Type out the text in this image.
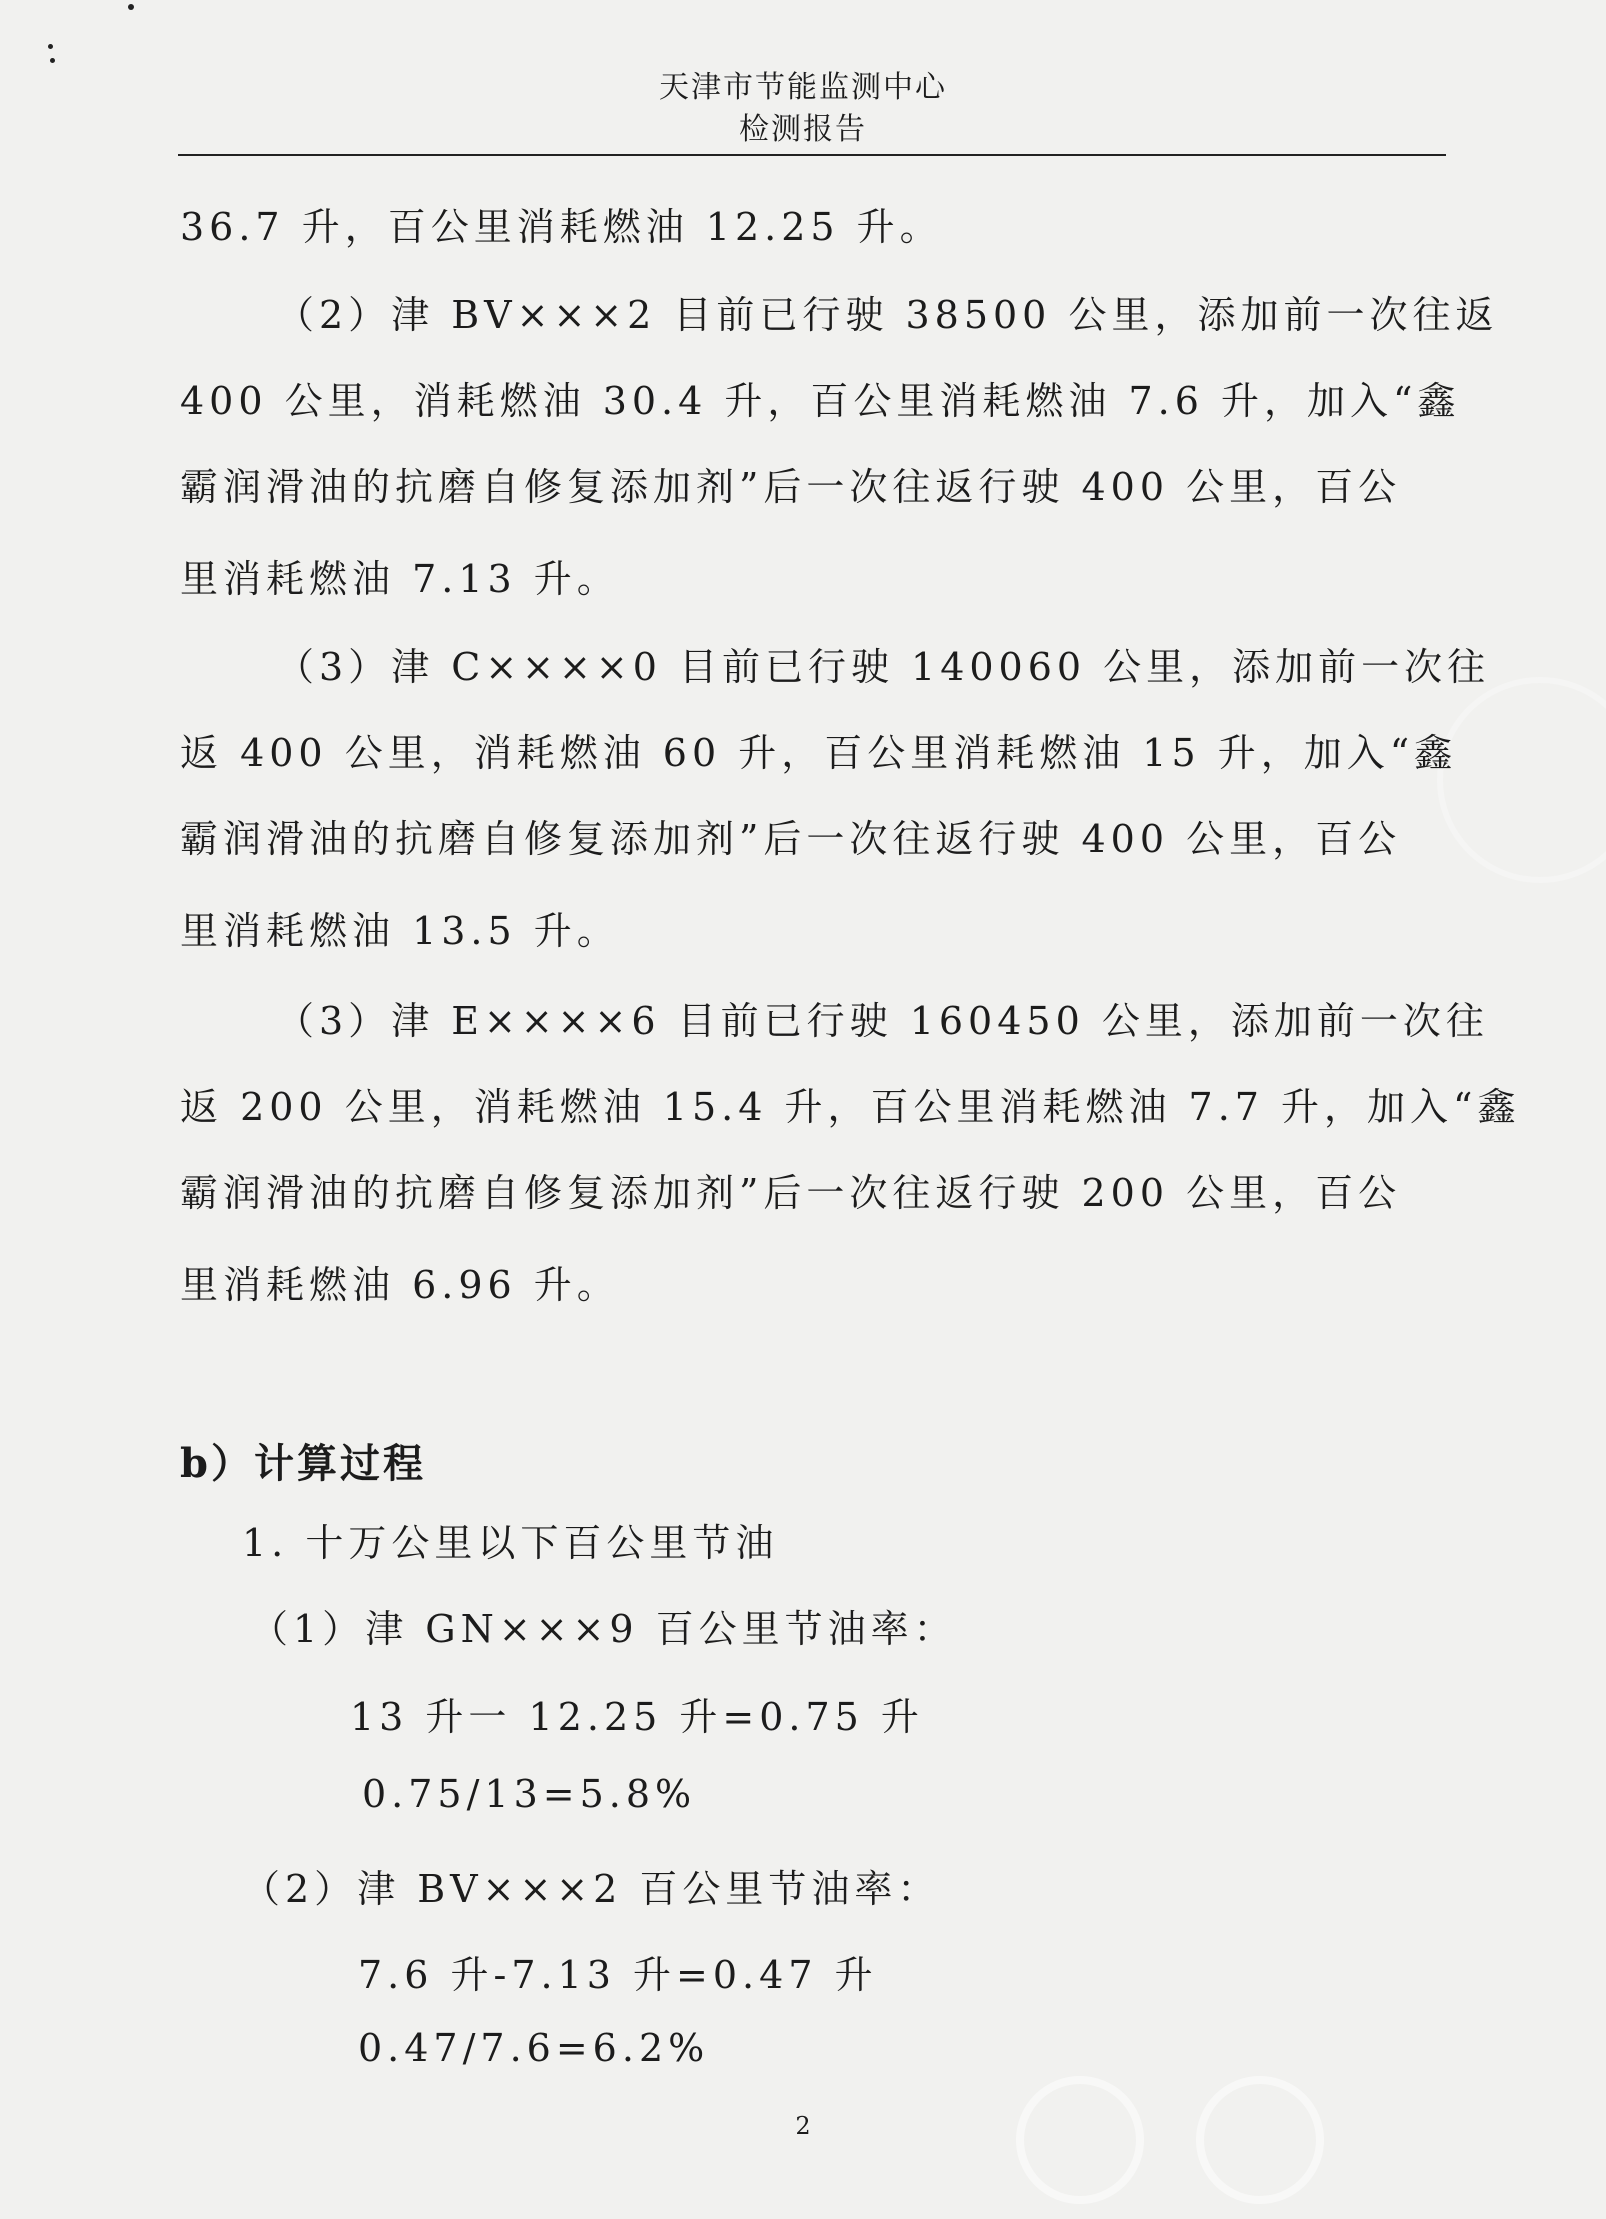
天津市节能监测中心
检测报告
36.7 升，百公里消耗燃油 12.25 升。
（2）津 BV×××2 目前已行驶 38500 公里，添加前一次往返
400 公里，消耗燃油 30.4 升，百公里消耗燃油 7.6 升，加入“鑫
霸润滑油的抗磨自修复添加剂”后一次往返行驶 400 公里，百公
里消耗燃油 7.13 升。
（3）津 C××××0 目前已行驶 140060 公里，添加前一次往
返 400 公里，消耗燃油 60 升，百公里消耗燃油 15 升，加入“鑫
霸润滑油的抗磨自修复添加剂”后一次往返行驶 400 公里，百公
里消耗燃油 13.5 升。
（3）津 E××××6 目前已行驶 160450 公里，添加前一次往
返 200 公里，消耗燃油 15.4 升，百公里消耗燃油 7.7 升，加入“鑫
霸润滑油的抗磨自修复添加剂”后一次往返行驶 200 公里，百公
里消耗燃油 6.96 升。
b）计算过程
1. 十万公里以下百公里节油
（1）津 GN×××9 百公里节油率：
13 升一 12.25 升=0.75 升
0.75/13=5.8%
（2）津 BV×××2 百公里节油率：
7.6 升-7.13 升=0.47 升
0.47/7.6=6.2%
2
